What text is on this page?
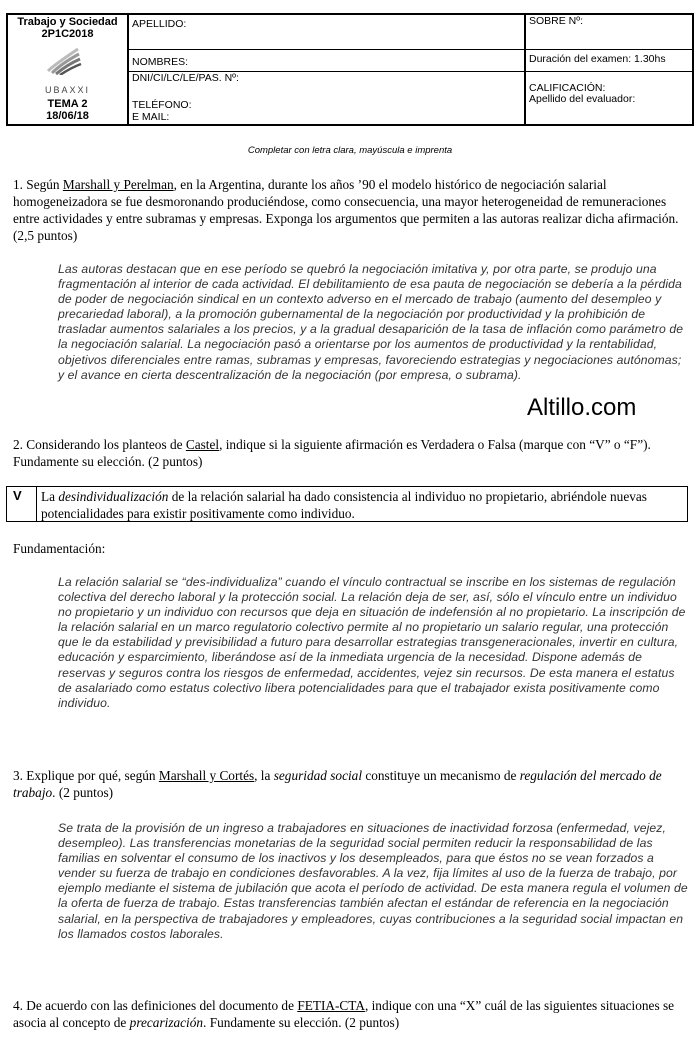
Trabajo y Sociedad
2P1C2018
UBAXXI
TEMA 2
18/06/18
APELLIDO:
NOMBRES:
DNI/CI/LC/LE/PAS. Nº:
TELÉFONO:
E MAIL:
SOBRE Nº:
Duración del examen: 1.30hs
CALIFICACIÓN:
Apellido del evaluador:
Completar con letra clara, mayúscula e imprenta
1. Según Marshall y Perelman, en la Argentina, durante los años ’90 el modelo histórico de negociación salarial homogeneizadora se fue desmoronando produciéndose, como consecuencia, una mayor heterogeneidad de remuneraciones entre actividades y entre subramas y empresas. Exponga los argumentos que permiten a las autoras realizar dicha afirmación. (2,5 puntos)
Las autoras destacan que en ese período se quebró la negociación imitativa y, por otra parte, se produjo una fragmentación al interior de cada actividad. El debilitamiento de esa pauta de negociación se debería a la pérdida de poder de negociación sindical en un contexto adverso en el mercado de trabajo (aumento del desempleo y precariedad laboral), a la promoción gubernamental de la negociación por productividad y la prohibición de trasladar aumentos salariales a los precios, y a la gradual desaparición de la tasa de inflación como parámetro de la negociación salarial. La negociación pasó a orientarse por los aumentos de productividad y la rentabilidad, objetivos diferenciales entre ramas, subramas y empresas, favoreciendo estrategias y negociaciones autónomas; y el avance en cierta descentralización de la negociación (por empresa, o subrama).
Altillo.com
2. Considerando los planteos de Castel, indique si la siguiente afirmación es Verdadera o Falsa (marque con “V” o “F”). Fundamente su elección. (2 puntos)
V	La desindividualización de la relación salarial ha dado consistencia al individuo no propietario, abriéndole nuevas potencialidades para existir positivamente como individuo.
Fundamentación:
La relación salarial se “des-individualiza” cuando el vínculo contractual se inscribe en los sistemas de regulación colectiva del derecho laboral y la protección social. La relación deja de ser, así, sólo el vínculo entre un individuo no propietario y un individuo con recursos que deja en situación de indefensión al no propietario. La inscripción de la relación salarial en un marco regulatorio colectivo permite al no propietario un salario regular, una protección que le da estabilidad y previsibilidad a futuro para desarrollar estrategias transgeneracionales, invertir en cultura, educación y esparcimiento, liberándose así de la inmediata urgencia de la necesidad. Dispone además de reservas y seguros contra los riesgos de enfermedad, accidentes, vejez sin recursos. De esta manera el estatus de asalariado como estatus colectivo libera potencialidades para que el trabajador exista positivamente como individuo.
3. Explique por qué, según Marshall y Cortés, la seguridad social constituye un mecanismo de regulación del mercado de trabajo. (2 puntos)
Se trata de la provisión de un ingreso a trabajadores en situaciones de inactividad forzosa (enfermedad, vejez, desempleo). Las transferencias monetarias de la seguridad social permiten reducir la responsabilidad de las familias en solventar el consumo de los inactivos y los desempleados, para que éstos no se vean forzados a vender su fuerza de trabajo en condiciones desfavorables. A la vez, fija límites al uso de la fuerza de trabajo, por ejemplo mediante el sistema de jubilación que acota el período de actividad. De esta manera regula el volumen de la oferta de fuerza de trabajo. Estas transferencias también afectan el estándar de referencia en la negociación salarial, en la perspectiva de trabajadores y empleadores, cuyas contribuciones a la seguridad social impactan en los llamados costos laborales.
4. De acuerdo con las definiciones del documento de FETIA-CTA, indique con una “X” cuál de las siguientes situaciones se asocia al concepto de precarización. Fundamente su elección. (2 puntos)
